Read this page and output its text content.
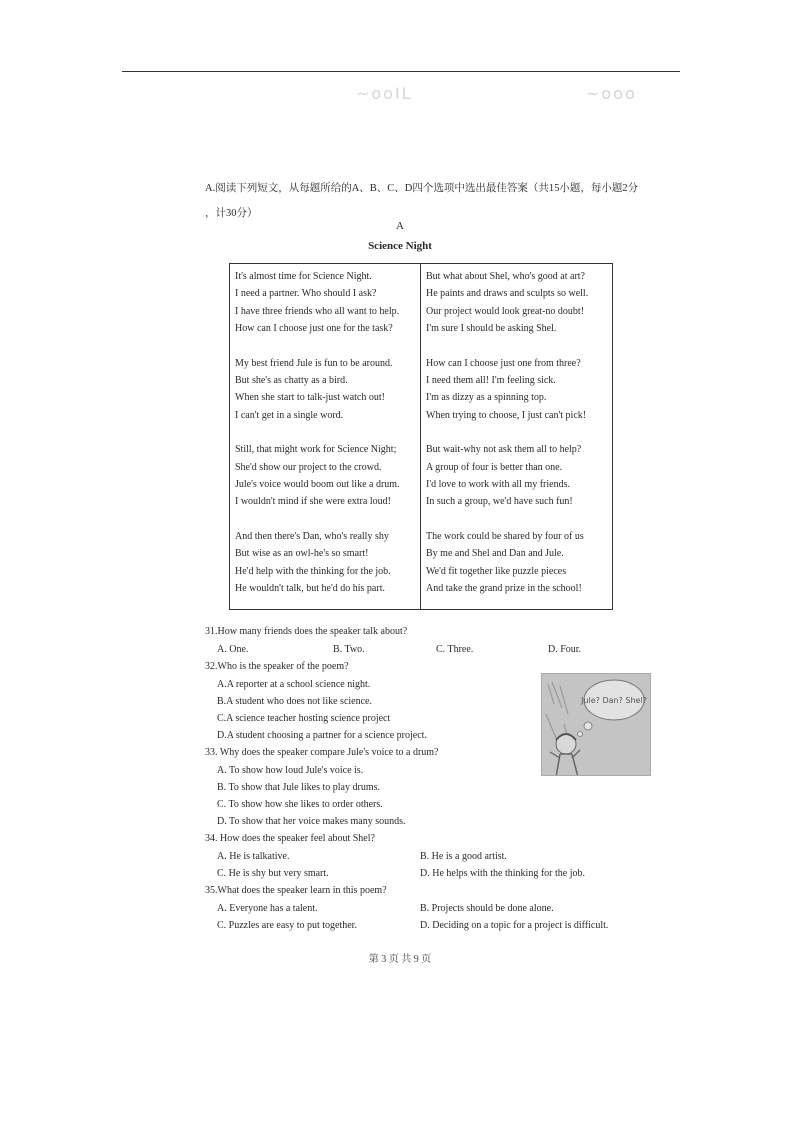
~ooIL	~ooo
A.阅读下列短文，从每题所给的A、B、C、D四个选项中选出最佳答案（共15小题，每小题2分
，计30分）
A
Science Night
It's almost time for Science Night.
I need a partner. Who should I ask?
I have three friends who all want to help.
How can I choose just one for the task?
My best friend Jule is fun to be around.
But she's as chatty as a bird.
When she start to talk-just watch out!
I can't get in a single word.
Still, that might work for Science Night;
She'd show our project to the crowd.
Jule's voice would boom out like a drum.
I wouldn't mind if she were extra loud!
And then there's Dan, who's really shy
But wise as an owl-he's so smart!
He'd help with the thinking for the job.
He wouldn't talk, but he'd do his part.
But what about Shel, who's good at art?
He paints and draws and sculpts so well.
Our project would look great-no doubt!
I'm sure I should be asking Shel.
How can I choose just one from three?
I need them all! I'm feeling sick.
I'm as dizzy as a spinning top.
When trying to choose, I just can't pick!
But wait-why not ask them all to help?
A group of four is better than one.
I'd love to work with all my friends.
In such a group, we'd have such fun!
The work could be shared by four of us
By me and Shel and Dan and Jule.
We'd fit together like puzzle pieces
And take the grand prize in the school!
31.How many friends does the speaker talk about?
A. One.	B. Two.	C. Three.	D. Four.
32.Who is the speaker of the poem?
A.A reporter at a school science night.
B.A student who does not like science.
C.A science teacher hosting science project
D.A student choosing a partner for a science project.
Jule? Dan? Shel?
33. Why does the speaker compare Jule's voice to a drum?
A. To show how loud Jule's voice is.
B. To show that Jule likes to play drums.
C. To show how she likes to order others.
D. To show that her voice makes many sounds.
34. How does the speaker feel about Shel?
A. He is talkative.	B. He is a good artist.
C. He is shy but very smart.	D. He helps with the thinking for the job.
35.What does the speaker learn in this poem?
A. Everyone has a talent.	B. Projects should be done alone.
C. Puzzles are easy to put together.	D. Deciding on a topic for a project is difficult.
第 3 页 共 9 页
